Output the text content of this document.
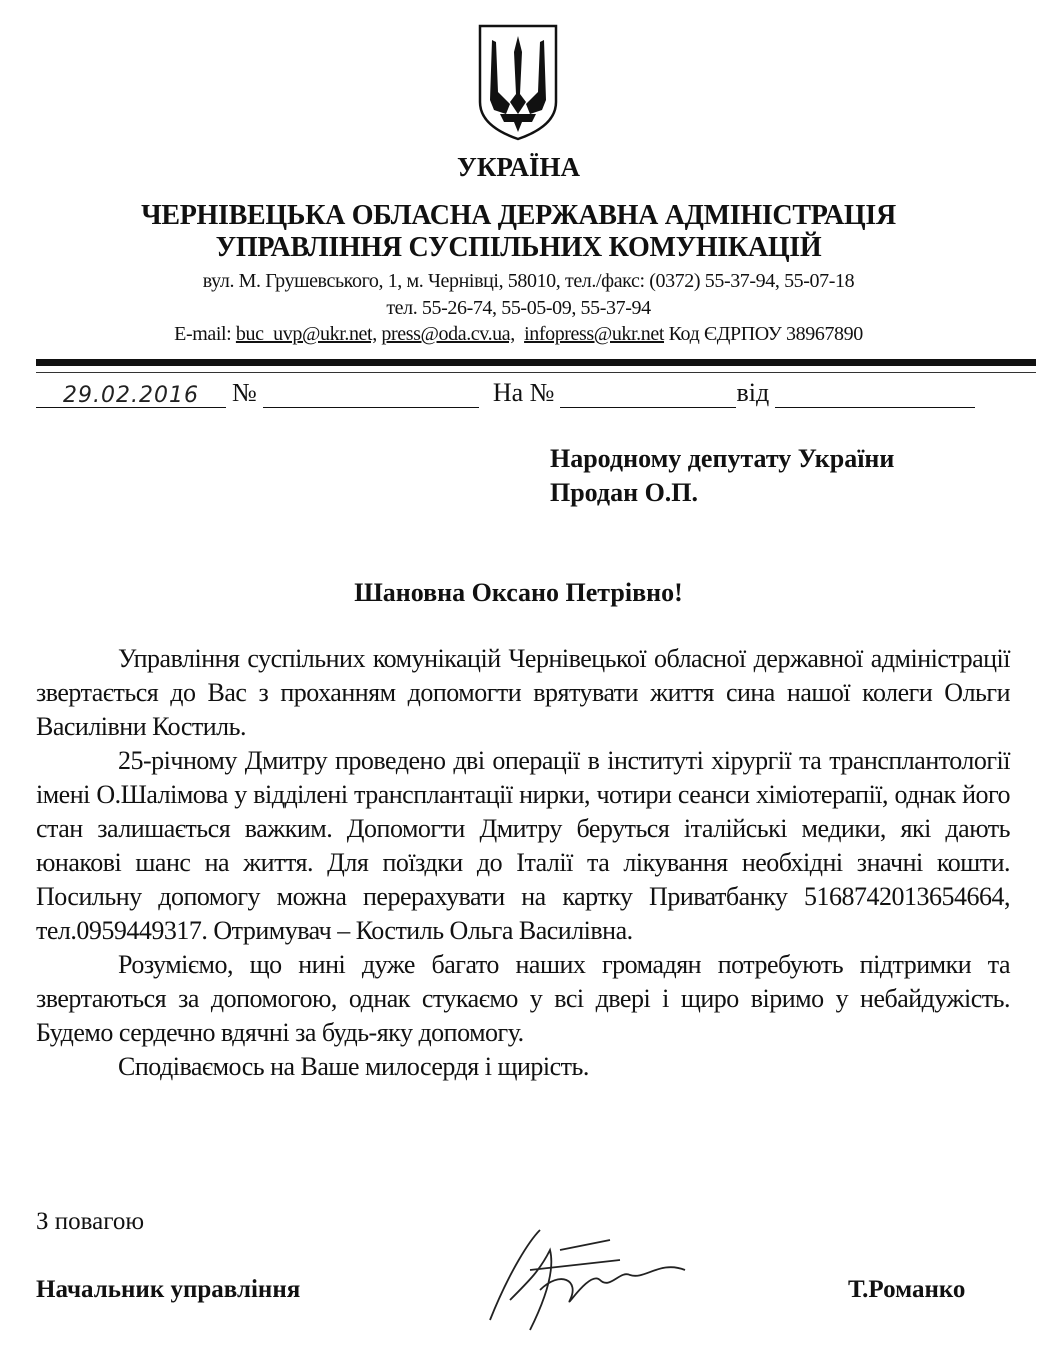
УКРАЇНА
ЧЕРНІВЕЦЬКА ОБЛАСНА ДЕРЖАВНА АДМІНІСТРАЦІЯ
УПРАВЛІННЯ СУСПІЛЬНИХ КОМУНІКАЦІЙ
вул. М. Грушевського, 1, м. Чернівці, 58010, тел./факс: (0372) 55-37-94, 55-07-18
тел. 55-26-74, 55-05-09, 55-37-94
E-mail: buc_uvp@ukr.net, press@oda.cv.ua, infopress@ukr.net Код ЄДРПОУ 38967890
29.02.2016	№	На №	від
Народному депутату України
Продан О.П.
Шановна Оксано Петрівно!

Управління суспільних комунікацій Чернівецької обласної державної адміністрації звертається до Вас з проханням допомогти врятувати життя сина нашої колеги Ольги Василівни Костиль.

25-річному Дмитру проведено дві операції в інституті хірургії та трансплантології імені О.Шалімова у відділені трансплантації нирки, чотири сеанси хіміотерапії, однак його стан залишається важким. Допомогти Дмитру беруться італійські медики, які дають юнакові шанс на життя. Для поїздки до Італії та лікування необхідні значні кошти. Посильну допомогу можна перерахувати на картку Приватбанку 5168742013654664, тел.0959449317. Отримувач – Костиль Ольга Василівна.

Розуміємо, що нині дуже багато наших громадян потребують підтримки та звертаються за допомогою, однак стукаємо у всі двері і щиро віримо у небайдужість. Будемо сердечно вдячні за будь-яку допомогу.

Сподіваємось на Ваше милосердя і щирість.

З повагою
Начальник управління	Т.Романко
